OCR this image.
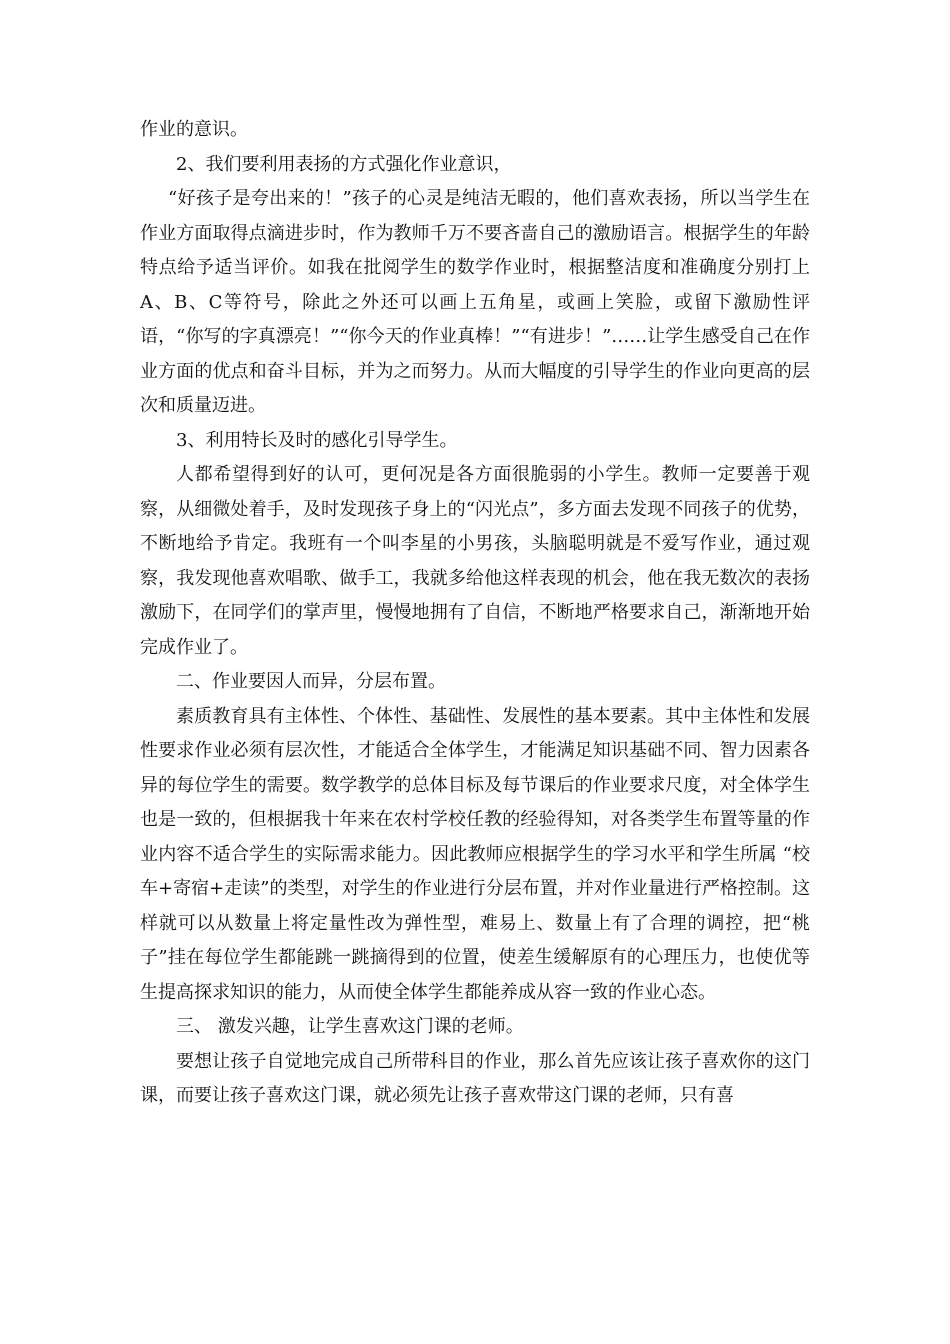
作业的意识。

2、我们要利用表扬的方式强化作业意识，

“好孩子是夸出来的！”孩子的心灵是纯洁无暇的，他们喜欢表扬，所以当学生在作业方面取得点滴进步时，作为教师千万不要吝啬自己的激励语言。根据学生的年龄特点给予适当评价。如我在批阅学生的数学作业时，根据整洁度和准确度分别打上A、B、C等符号，除此之外还可以画上五角星，或画上笑脸，或留下激励性评语，“你写的字真漂亮！”“你今天的作业真棒！”“有进步！”……让学生感受自己在作业方面的优点和奋斗目标，并为之而努力。从而大幅度的引导学生的作业向更高的层次和质量迈进。

3、利用特长及时的感化引导学生。

人都希望得到好的认可，更何况是各方面很脆弱的小学生。教师一定要善于观察，从细微处着手，及时发现孩子身上的“闪光点”，多方面去发现不同孩子的优势，不断地给予肯定。我班有一个叫李星的小男孩，头脑聪明就是不爱写作业，通过观察，我发现他喜欢唱歌、做手工，我就多给他这样表现的机会，他在我无数次的表扬激励下，在同学们的掌声里，慢慢地拥有了自信，不断地严格要求自己，渐渐地开始完成作业了。

二、作业要因人而异，分层布置。

素质教育具有主体性、个体性、基础性、发展性的基本要素。其中主体性和发展性要求作业必须有层次性，才能适合全体学生，才能满足知识基础不同、智力因素各异的每位学生的需要。数学教学的总体目标及每节课后的作业要求尺度，对全体学生也是一致的，但根据我十年来在农村学校任教的经验得知，对各类学生布置等量的作业内容不适合学生的实际需求能力。因此教师应根据学生的学习水平和学生所属 “校车+寄宿+走读”的类型，对学生的作业进行分层布置，并对作业量进行严格控制。这样就可以从数量上将定量性改为弹性型，难易上、数量上有了合理的调控，把“桃子”挂在每位学生都能跳一跳摘得到的位置，使差生缓解原有的心理压力，也使优等生提高探求知识的能力，从而使全体学生都能养成从容一致的作业心态。

三、 激发兴趣，让学生喜欢这门课的老师。

要想让孩子自觉地完成自己所带科目的作业，那么首先应该让孩子喜欢你的这门课，而要让孩子喜欢这门课，就必须先让孩子喜欢带这门课的老师，只有喜
